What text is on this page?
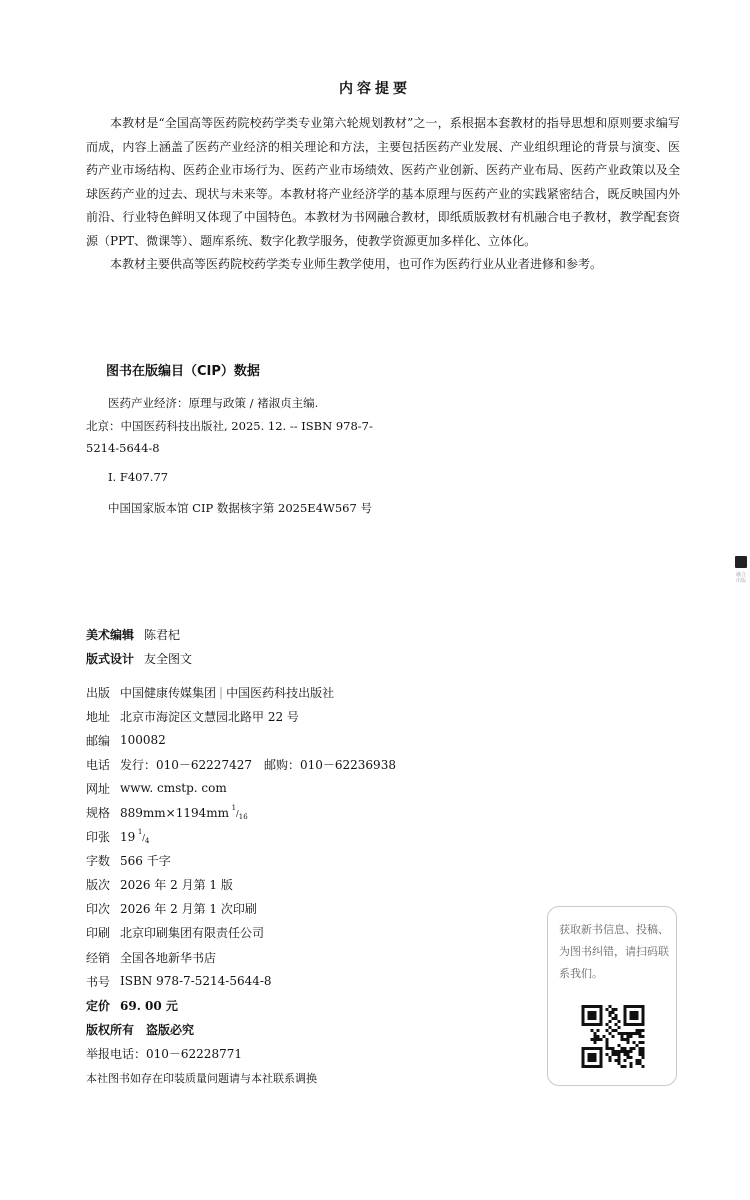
内容提要

本教材是“全国高等医药院校药学类专业第六轮规划教材”之一，系根据本套教材的指导思想和原则要求编写而成，内容上涵盖了医药产业经济的相关理论和方法，主要包括医药产业发展、产业组织理论的背景与演变、医药产业市场结构、医药企业市场行为、医药产业市场绩效、医药产业创新、医药产业布局、医药产业政策以及全球医药产业的过去、现状与未来等。本教材将产业经济学的基本原理与医药产业的实践紧密结合，既反映国内外前沿、行业特色鲜明又体现了中国特色。本教材为书网融合教材，即纸质版教材有机融合电子教材，教学配套资源（PPT、微课等）、题库系统、数字化教学服务，使教学资源更加多样化、立体化。

本教材主要供高等医药院校药学类专业师生教学使用，也可作为医药行业从业者进修和参考。

图书在版编目（CIP）数据
医药产业经济：原理与政策 / 褚淑贞主编.
北京：中国医药科技出版社, 2025. 12. -- ISBN 978-7-
5214-5644-8
Ⅰ. F407.77
中国国家版本馆 CIP 数据核字第 2025E4W567 号
融合
出版
美术编辑 陈君杞
版式设计 友全图文
出版 中国健康传媒集团 | 中国医药科技出版社
地址 北京市海淀区文慧园北路甲 22 号
邮编 100082
电话 发行：010－62227427　邮购：010－62236938
网址 www. cmstp. com
规格 889mm×1194mm $^1/_{16}$
印张 19 $^1/_4$
字数 566 千字
版次 2026 年 2 月第 1 版
印次 2026 年 2 月第 1 次印刷
印刷 北京印刷集团有限责任公司
经销 全国各地新华书店
书号 ISBN 978-7-5214-5644-8
定价 69. 00 元
版权所有　盗版必究
举报电话：010－62228771
本社图书如存在印装质量问题请与本社联系调换
获取新书信息、投稿、为图书纠错，请扫码联系我们。
